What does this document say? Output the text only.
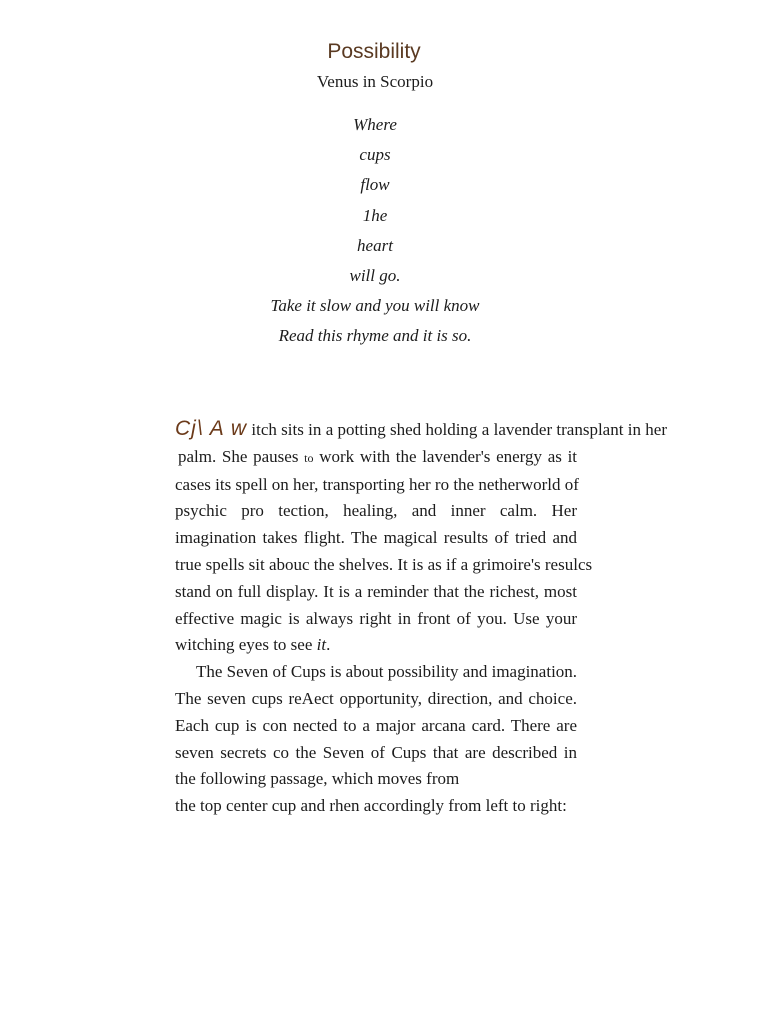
Possibility
Venus in Scorpio
Where
cups
flow
1he
heart
will go.
Take it slow and you will know
Read this rhyme and it is so.
Cj\ A w itch sits in a potting shed holding a lavender transplant in her
palm. She pauses to work with the lavender's energy as it
cases its spell on her, transporting her ro the netherworld of
psychic pro tection, healing, and inner calm. Her
imagination takes flight. The magical results of tried and
true spells sit abouc the shelves. It is as if a grimoire's resulcs
stand on full display. It is a reminder that the richest, most
effective magic is always right in front of you. Use your
witching eyes to see it.
The Seven of Cups is about possibility and imagination.
The seven cups reAect opportunity, direction, and choice.
Each cup is con nected to a major arcana card. There are
seven secrets co the Seven of Cups that are described in
the following passage, which moves from
the top center cup and rhen accordingly from left to right:
